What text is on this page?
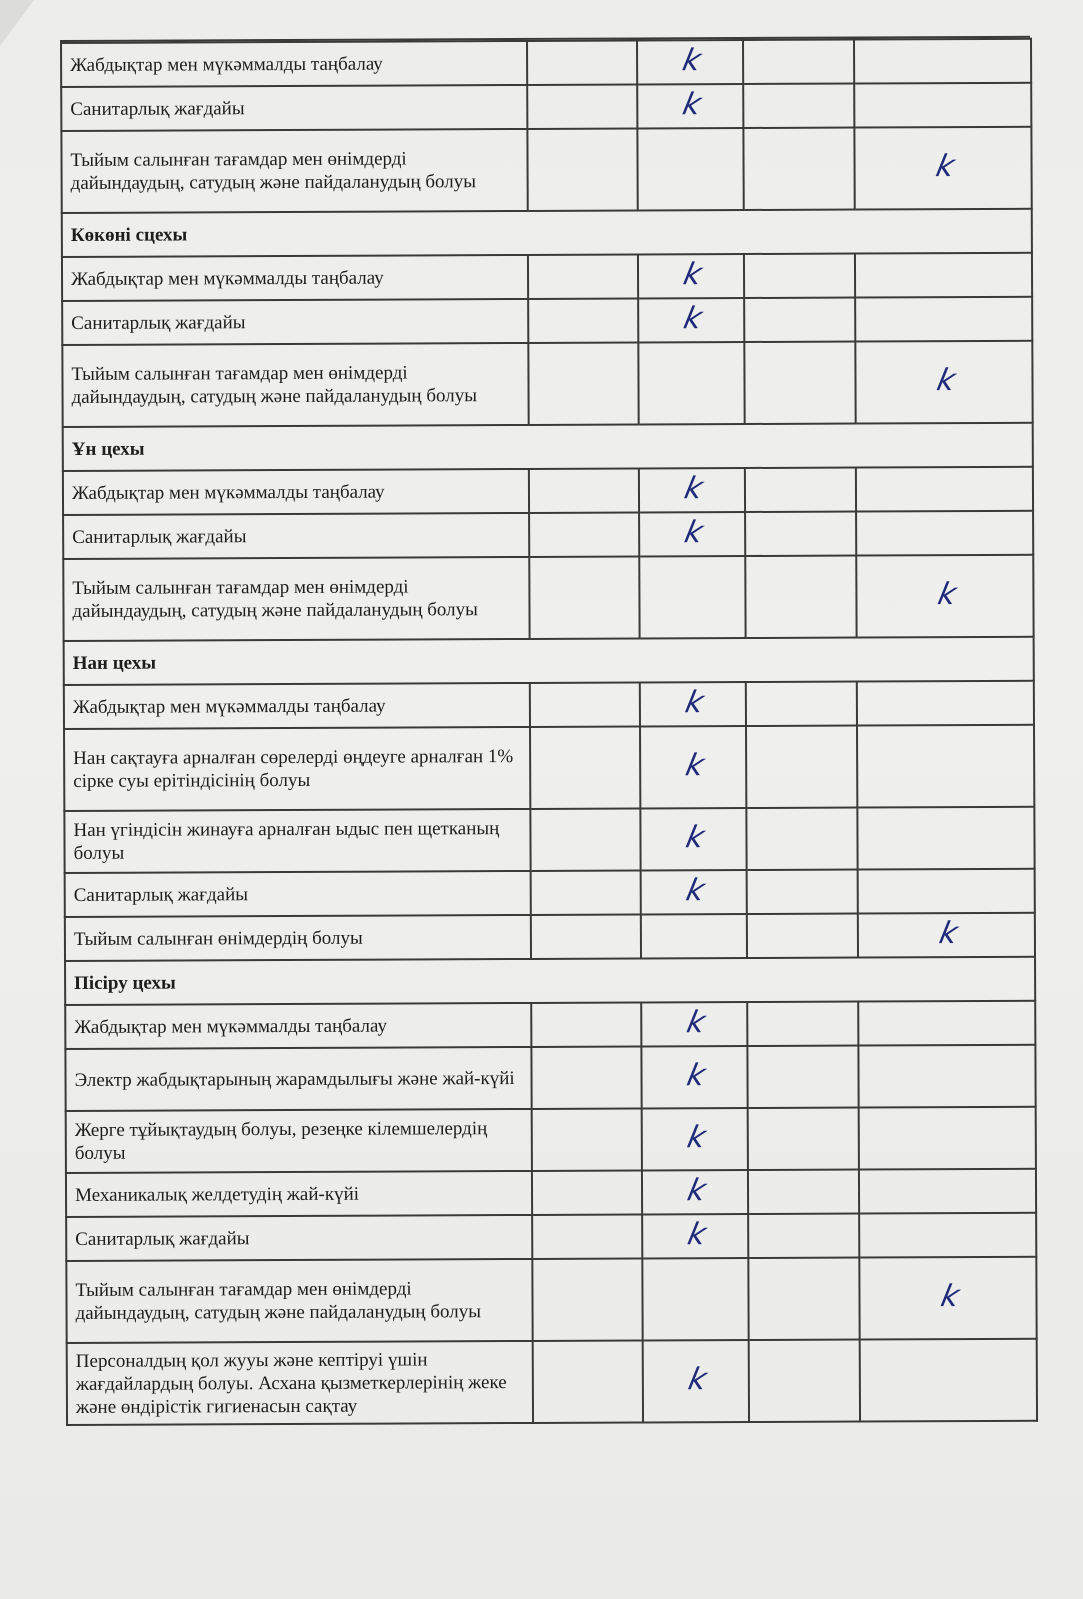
Жабдықтар мен мүкәммалды таңбалау		k		
Санитарлық жағдайы		k		
Тыйым салынған тағамдар мен өнімдерді дайындаудың, сатудың және пайдаланудың болуы				k
Көкөні сцехы				
Жабдықтар мен мүкәммалды таңбалау		k		
Санитарлық жағдайы		k		
Тыйым салынған тағамдар мен өнімдерді дайындаудың, сатудың және пайдаланудың болуы				k
Ұн цехы				
Жабдықтар мен мүкәммалды таңбалау		k		
Санитарлық жағдайы		k		
Тыйым салынған тағамдар мен өнімдерді дайындаудың, сатудың және пайдаланудың болуы				k
Нан цехы				
Жабдықтар мен мүкәммалды таңбалау		k		
Нан сақтауға арналған сөрелерді өңдеуге арналған 1% сірке суы ерітіндісінің болуы		k		
Нан үгіндісін жинауға арналған ыдыс пен щетканың болуы		k		
Санитарлық жағдайы		k		
Тыйым салынған өнімдердің болуы				k
Пісіру цехы				
Жабдықтар мен мүкәммалды таңбалау		k		
Электр жабдықтарының жарамдылығы және жай-күйі		k		
Жерге тұйықтаудың болуы, резеңке кілемшелердің болуы		k		
Механикалық желдетудің жай-күйі		k		
Санитарлық жағдайы		k		
Тыйым салынған тағамдар мен өнімдерді дайындаудың, сатудың және пайдаланудың болуы				k
Персоналдың қол жууы және кептіруі үшін жағдайлардың болуы. Асхана қызметкерлерінің жеке және өндірістік гигиенасын сақтау		k		
